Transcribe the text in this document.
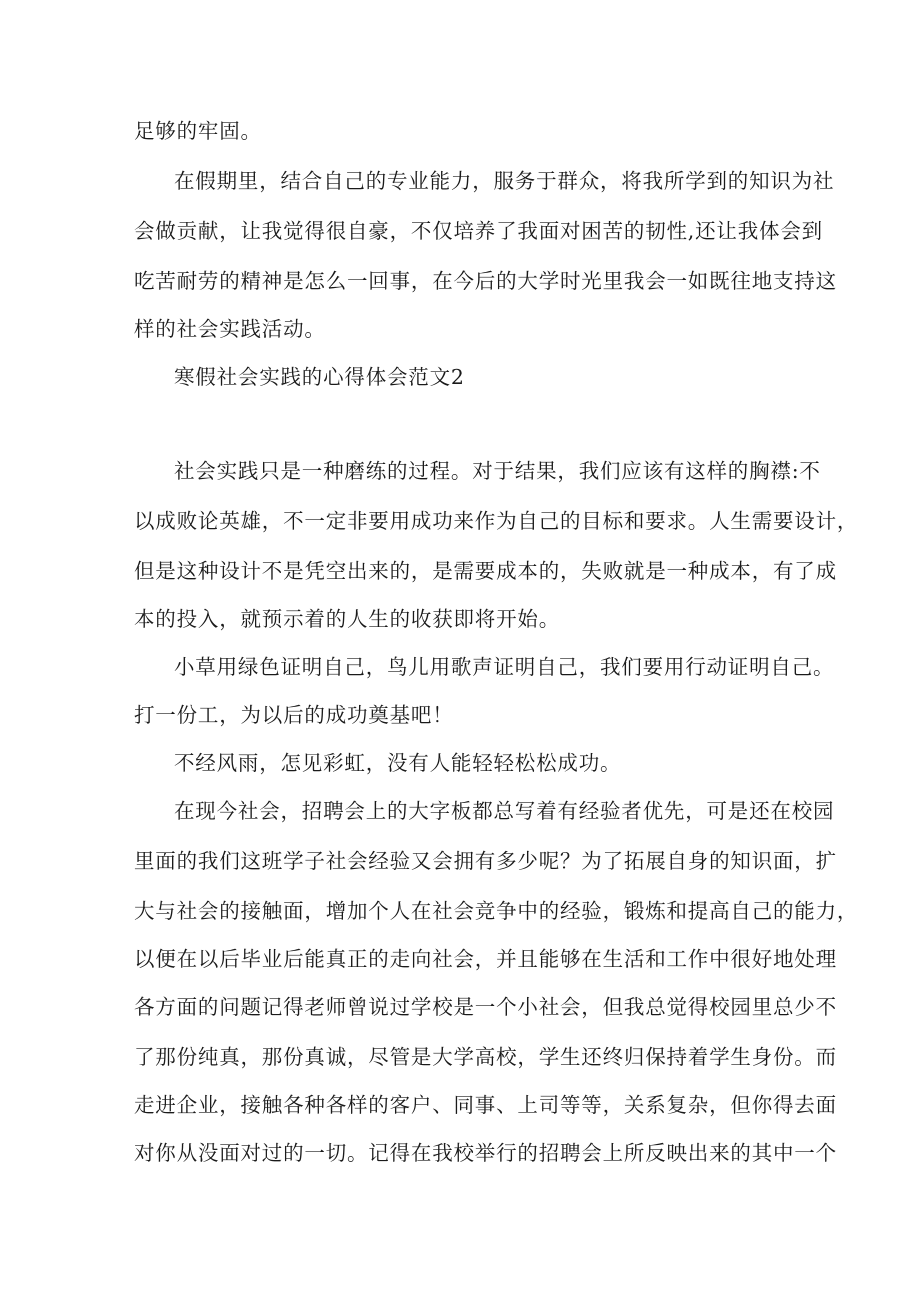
足够的牢固。
在假期里，结合自己的专业能力，服务于群众，将我所学到的知识为社
会做贡献，让我觉得很自豪，不仅培养了我面对困苦的韧性,还让我体会到
吃苦耐劳的精神是怎么一回事，在今后的大学时光里我会一如既往地支持这
样的社会实践活动。
寒假社会实践的心得体会范文2
社会实践只是一种磨练的过程。对于结果，我们应该有这样的胸襟:不
以成败论英雄，不一定非要用成功来作为自己的目标和要求。人生需要设计，
但是这种设计不是凭空出来的，是需要成本的，失败就是一种成本，有了成
本的投入，就预示着的人生的收获即将开始。
小草用绿色证明自己，鸟儿用歌声证明自己，我们要用行动证明自己。
打一份工，为以后的成功奠基吧！
不经风雨，怎见彩虹，没有人能轻轻松松成功。
在现今社会，招聘会上的大字板都总写着有经验者优先，可是还在校园
里面的我们这班学子社会经验又会拥有多少呢？为了拓展自身的知识面，扩
大与社会的接触面，增加个人在社会竞争中的经验，锻炼和提高自己的能力，
以便在以后毕业后能真正的走向社会，并且能够在生活和工作中很好地处理
各方面的问题记得老师曾说过学校是一个小社会，但我总觉得校园里总少不
了那份纯真，那份真诚，尽管是大学高校，学生还终归保持着学生身份。而
走进企业，接触各种各样的客户、同事、上司等等，关系复杂，但你得去面
对你从没面对过的一切。记得在我校举行的招聘会上所反映出来的其中一个
